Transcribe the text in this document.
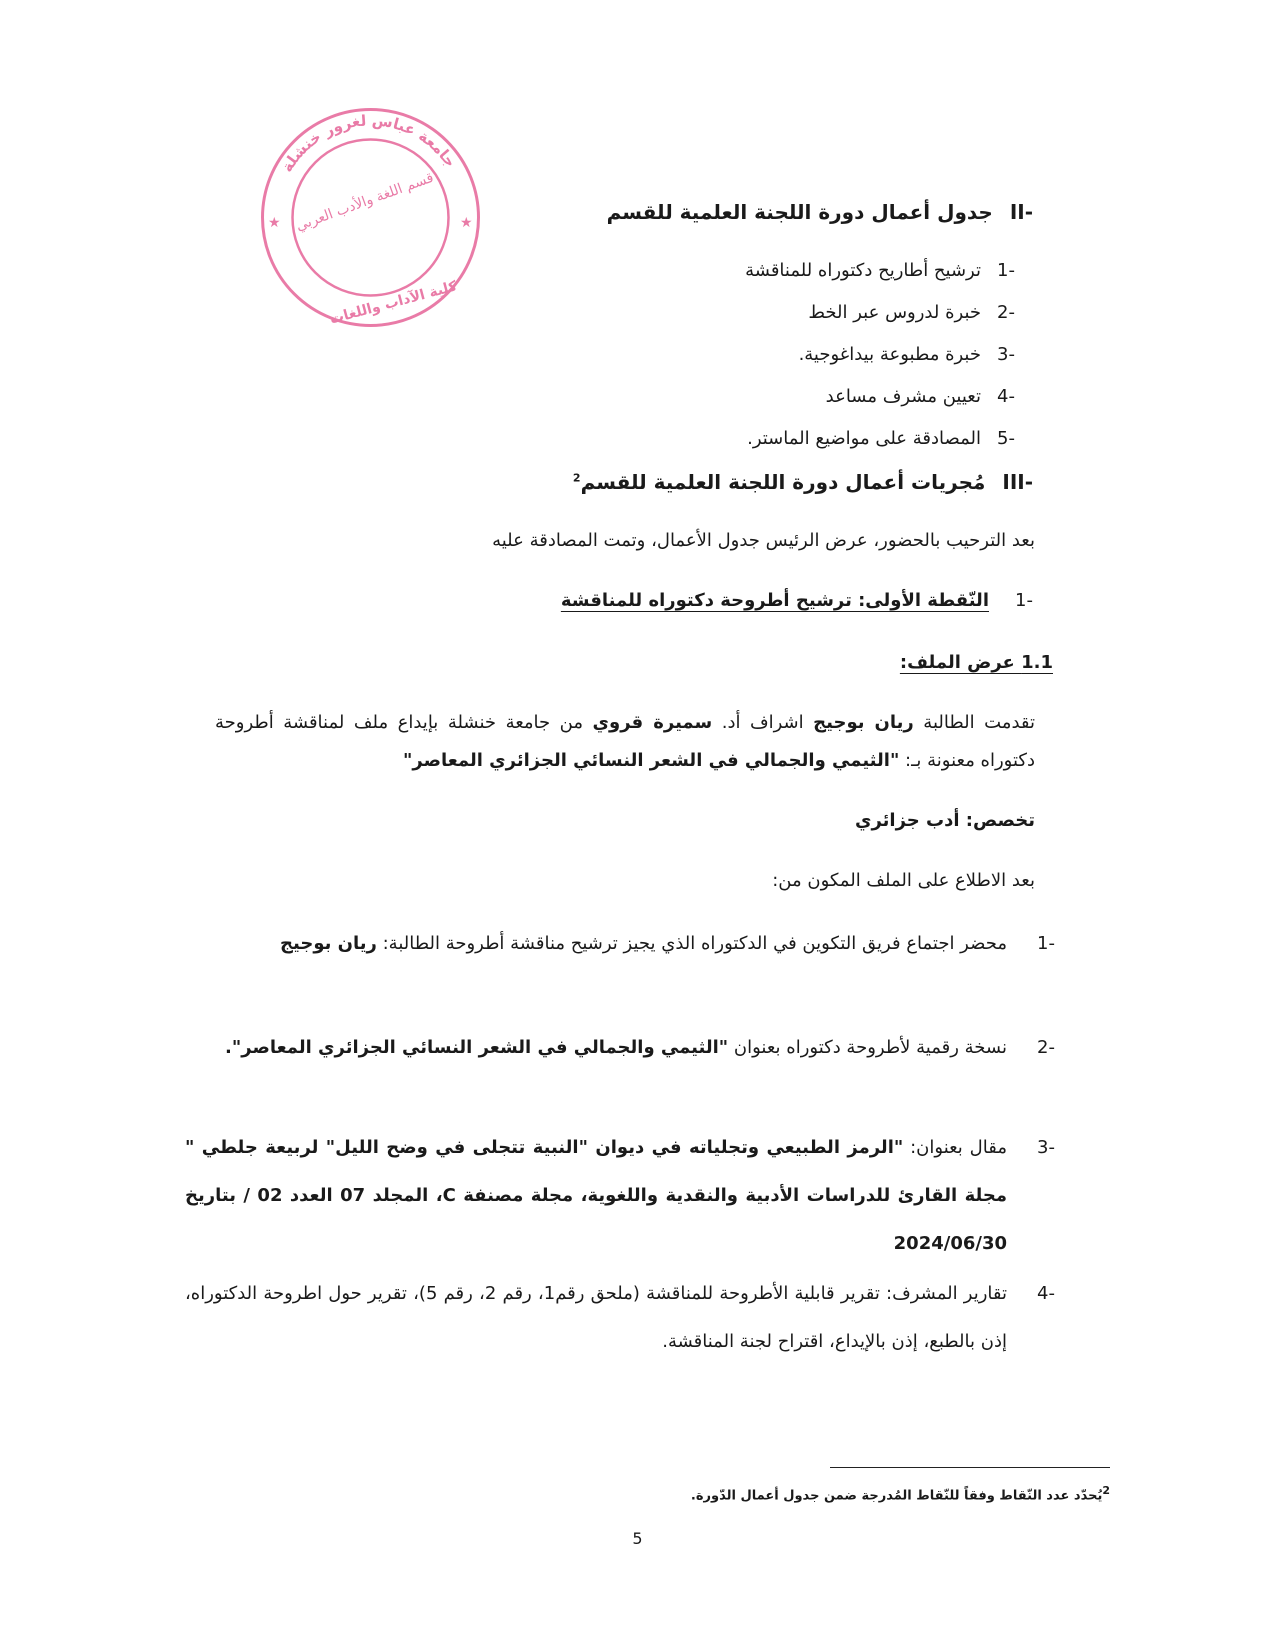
★	★
جامعة عباس لغرور خنشلة
قسم اللغة والأدب العربي
كلية الآداب واللغات
II- جدول أعمال دورة اللجنة العلمية للقسم
1-ترشيح أطاريح دكتوراه للمناقشة
2-خبرة لدروس عبر الخط
3-خبرة مطبوعة بيداغوجية.
4-تعيين مشرف مساعد
5-المصادقة على مواضيع الماستر.
III- مُجريات أعمال دورة اللجنة العلمية للقسم$^2$
بعد الترحيب بالحضور، عرض الرئيس جدول الأعمال، وتمت المصادقة عليه
1-النّقطة الأولى: ترشيح أطروحة دكتوراه للمناقشة
1.1 عرض الملف:
تقدمت الطالبة ريان بوجيج اشراف أد. سميرة قروي من جامعة خنشلة بإيداع ملف لمناقشة أطروحة دكتوراه معنونة بـ: "الثيمي والجمالي في الشعر النسائي الجزائري المعاصر"
تخصص: أدب جزائري
بعد الاطلاع على الملف المكون من:
1-
محضر اجتماع فريق التكوين في الدكتوراه الذي يجيز ترشيح مناقشة أطروحة الطالبة: ريان بوجيج
2-
نسخة رقمية لأطروحة دكتوراه بعنوان "الثيمي والجمالي في الشعر النسائي الجزائري المعاصر".
3-
مقال بعنوان: "الرمز الطبيعي وتجلياته في ديوان "النبية تتجلى في وضح الليل" لربيعة جلطي " مجلة القارئ للدراسات الأدبية والنقدية واللغوية، مجلة مصنفة C، المجلد 07 العدد 02 / بتاريخ 2024/06/30
4-
تقارير المشرف: تقرير قابلية الأطروحة للمناقشة (ملحق رقم1، رقم 2، رقم 5)، تقرير حول اطروحة الدكتوراه، إذن بالطبع، إذن بالإيداع، اقتراح لجنة المناقشة.
$^2$يُحدّد عدد النّقاط وفقاً للنّقاط المُدرجة ضمن جدول أعمال الدّورة.
5
